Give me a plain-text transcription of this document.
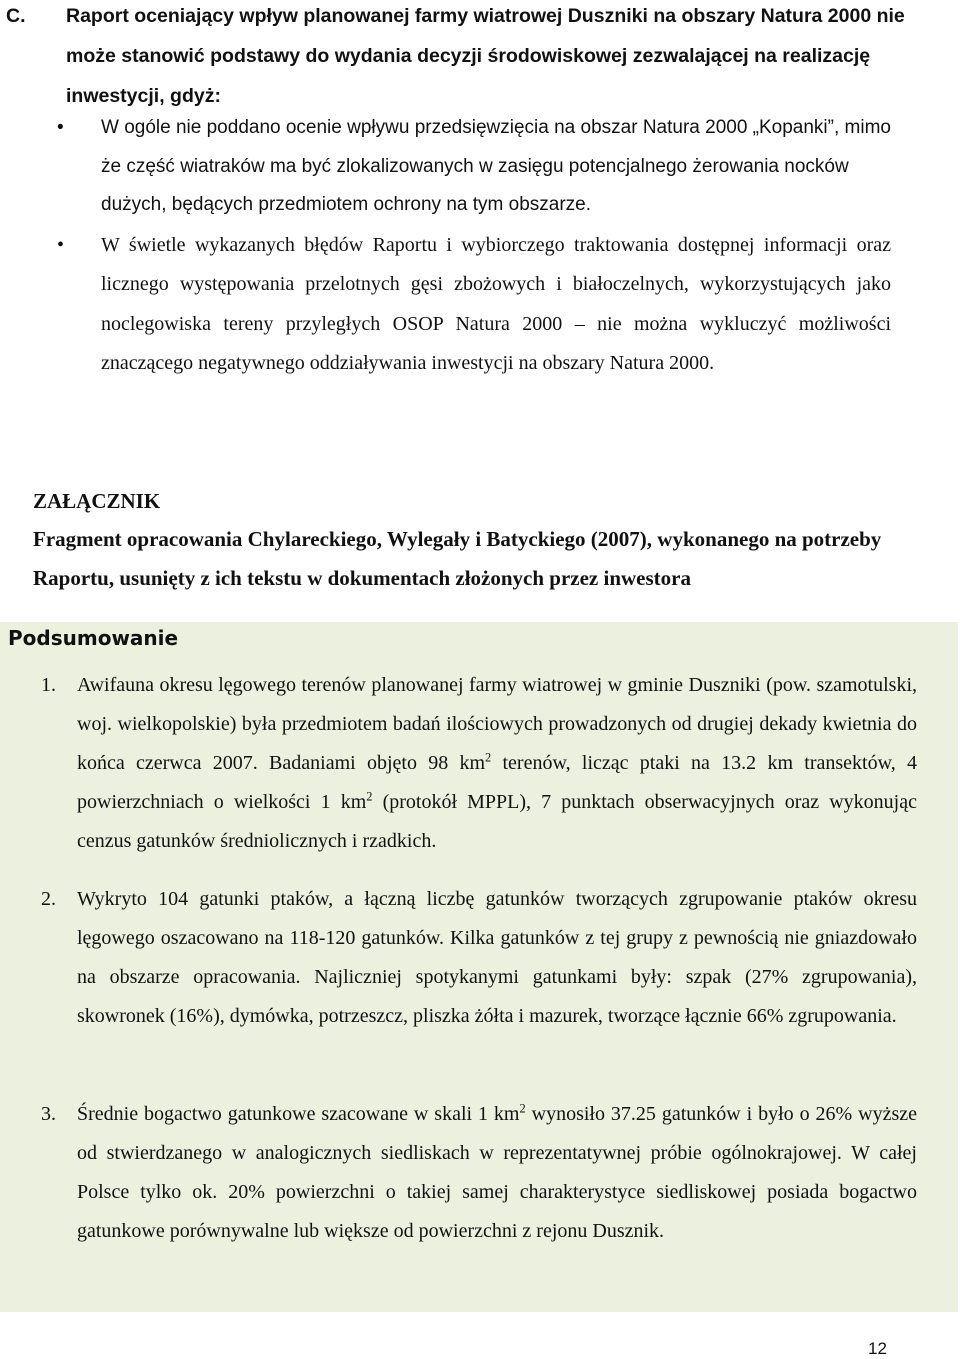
C. Raport oceniający wpływ planowanej farmy wiatrowej Duszniki na obszary Natura 2000 nie może stanowić podstawy do wydania decyzji środowiskowej zezwalającej na realizację inwestycji, gdyż:

• W ogóle nie poddano ocenie wpływu przedsięwzięcia na obszar Natura 2000 „Kopanki”, mimo że część wiatraków ma być zlokalizowanych w zasięgu potencjalnego żerowania nocków dużych, będących przedmiotem ochrony na tym obszarze.

• W świetle wykazanych błędów Raportu i wybiorczego traktowania dostępnej informacji oraz licznego występowania przelotnych gęsi zbożowych i białoczelnych, wykorzystujących jako noclegowiska tereny przyległych OSOP Natura 2000 – nie można wykluczyć możliwości znaczącego negatywnego oddziaływania inwestycji na obszary Natura 2000.

ZAŁĄCZNIK

Fragment opracowania Chylareckiego, Wylegały i Batyckiego (2007), wykonanego na potrzeby Raportu, usunięty z ich tekstu w dokumentach złożonych przez inwestora

Podsumowanie

1. Awifauna okresu lęgowego terenów planowanej farmy wiatrowej w gminie Duszniki (pow. szamotulski, woj. wielkopolskie) była przedmiotem badań ilościowych prowadzonych od drugiej dekady kwietnia do końca czerwca 2007. Badaniami objęto 98 $km^2$ terenów, licząc ptaki na 13.2 km transektów, 4 powierzchniach o wielkości 1 $km^2$ (protokół MPPL), 7 punktach obserwacyjnych oraz wykonując cenzus gatunków średniolicznych i rzadkich.

2. Wykryto 104 gatunki ptaków, a łączną liczbę gatunków tworzących zgrupowanie ptaków okresu lęgowego oszacowano na 118-120 gatunków. Kilka gatunków z tej grupy z pewnością nie gniazdowało na obszarze opracowania. Najliczniej spotykanymi gatunkami były: szpak (27% zgrupowania), skowronek (16%), dymówka, potrzeszcz, pliszka żółta i mazurek, tworzące łącznie 66% zgrupowania.

3. Średnie bogactwo gatunkowe szacowane w skali 1 $km^2$ wynosiło 37.25 gatunków i było o 26% wyższe od stwierdzanego w analogicznych siedliskach w reprezentatywnej próbie ogólnokrajowej. W całej Polsce tylko ok. 20% powierzchni o takiej samej charakterystyce siedliskowej posiada bogactwo gatunkowe porównywalne lub większe od powierzchni z rejonu Dusznik.

12
